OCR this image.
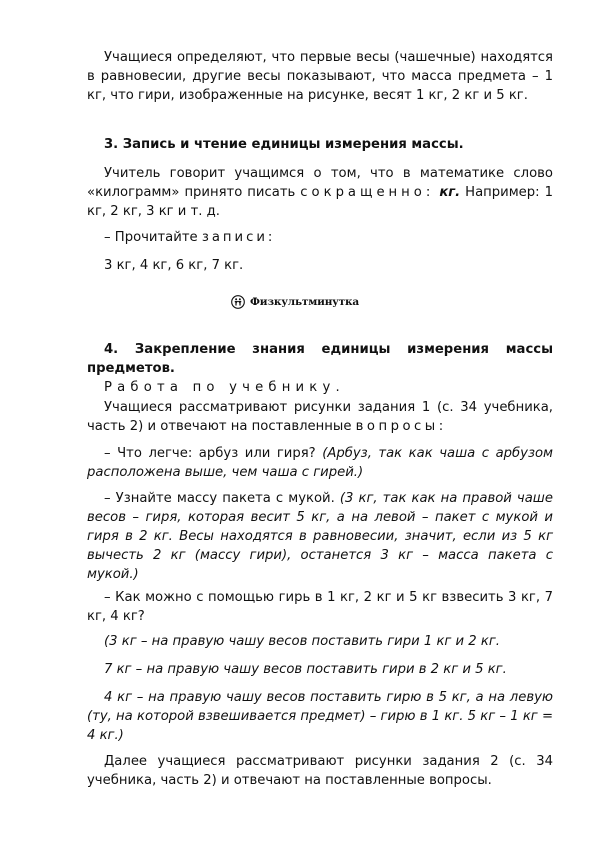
Учащиеся определяют, что первые весы (чашечные) находятся в равновесии, другие весы показывают, что масса предмета – 1 кг, что гири, изображенные на рисунке, весят 1 кг, 2 кг и 5 кг.

3. Запись и чтение единицы измерения массы.

Учитель говорит учащимся о том, что в математике слово «килограмм» принято писать сокращенно: кг. Например: 1 кг, 2 кг, 3 кг и т. д.

– Прочитайте записи:

3 кг, 4 кг, 6 кг, 7 кг.

Физкультминутка

4. Закрепление знания единицы измерения массы предметов.

Работа по учебнику.

Учащиеся рассматривают рисунки задания 1 (с. 34 учебника, часть 2) и отвечают на поставленные вопросы:

– Что легче: арбуз или гиря? (Арбуз, так как чаша с арбузом расположена выше, чем чаша с гирей.)

– Узнайте массу пакета с мукой. (3 кг, так как на правой чаше весов – гиря, которая весит 5 кг, а на левой – пакет с мукой и гиря в 2 кг. Весы находятся в равновесии, значит, если из 5 кг вычесть 2 кг (массу гири), останется 3 кг – масса пакета с мукой.)

– Как можно с помощью гирь в 1 кг, 2 кг и 5 кг взвесить 3 кг, 7 кг, 4 кг?

(3 кг – на правую чашу весов поставить гири 1 кг и 2 кг.

7 кг – на правую чашу весов поставить гири в 2 кг и 5 кг.

4 кг – на правую чашу весов поставить гирю в 5 кг, а на левую (ту, на которой взвешивается предмет) – гирю в 1 кг. 5 кг – 1 кг = 4 кг.)

Далее учащиеся рассматривают рисунки задания 2 (с. 34 учебника, часть 2) и отвечают на поставленные вопросы.
